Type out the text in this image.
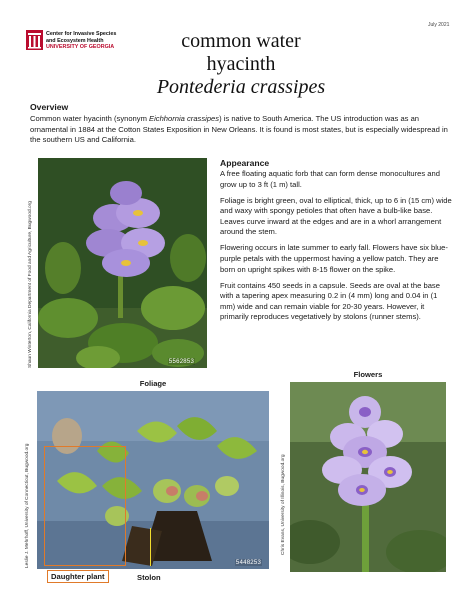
July 2021
Center for Invasive Species
and Ecosystem Health
UNIVERSITY OF GEORGIA	common water
hyacinth
Pontederia crassipes
Overview
Common water hyacinth (synonym Eichhornia crassipes) is native to South America. The US introduction was as an ornamental in 1884 at the Cotton States Exposition in New Orleans. It is found is most states, but is especially widespread in the southern US and California.
Shaun Winterton, California Department of Food and Agriculture, Bugwood.org	5562853
Appearance

A free floating aquatic forb that can form dense monocultures and grow up to 3 ft (1 m) tall.

Foliage is bright green, oval to elliptical, thick, up to 6 in (15 cm) wide and waxy with spongy petioles that often have a bulb-like base. Leaves curve inward at the edges and are in a whorl arrangement around the stem.

Flowering occurs in late summer to early fall. Flowers have six blue-purple petals with the uppermost having a yellow patch. They are born on upright spikes with 8-15 flower on the spike.

Fruit contains 450 seeds in a capsule. Seeds are oval at the base with a tapering apex measuring 0.2 in (4 mm) long and 0.04 in (1 mm) wide and can remain viable for 20-30 years. However, it primarily reproduces vegetatively by stolons (runner stems).

Foliage
Leslie J. Mehrhoff, University of Connecticut, Bugwood.org	5448253
Daughter plant	Stolon
Flowers
Chris Evans, University of Illinois, Bugwood.org
